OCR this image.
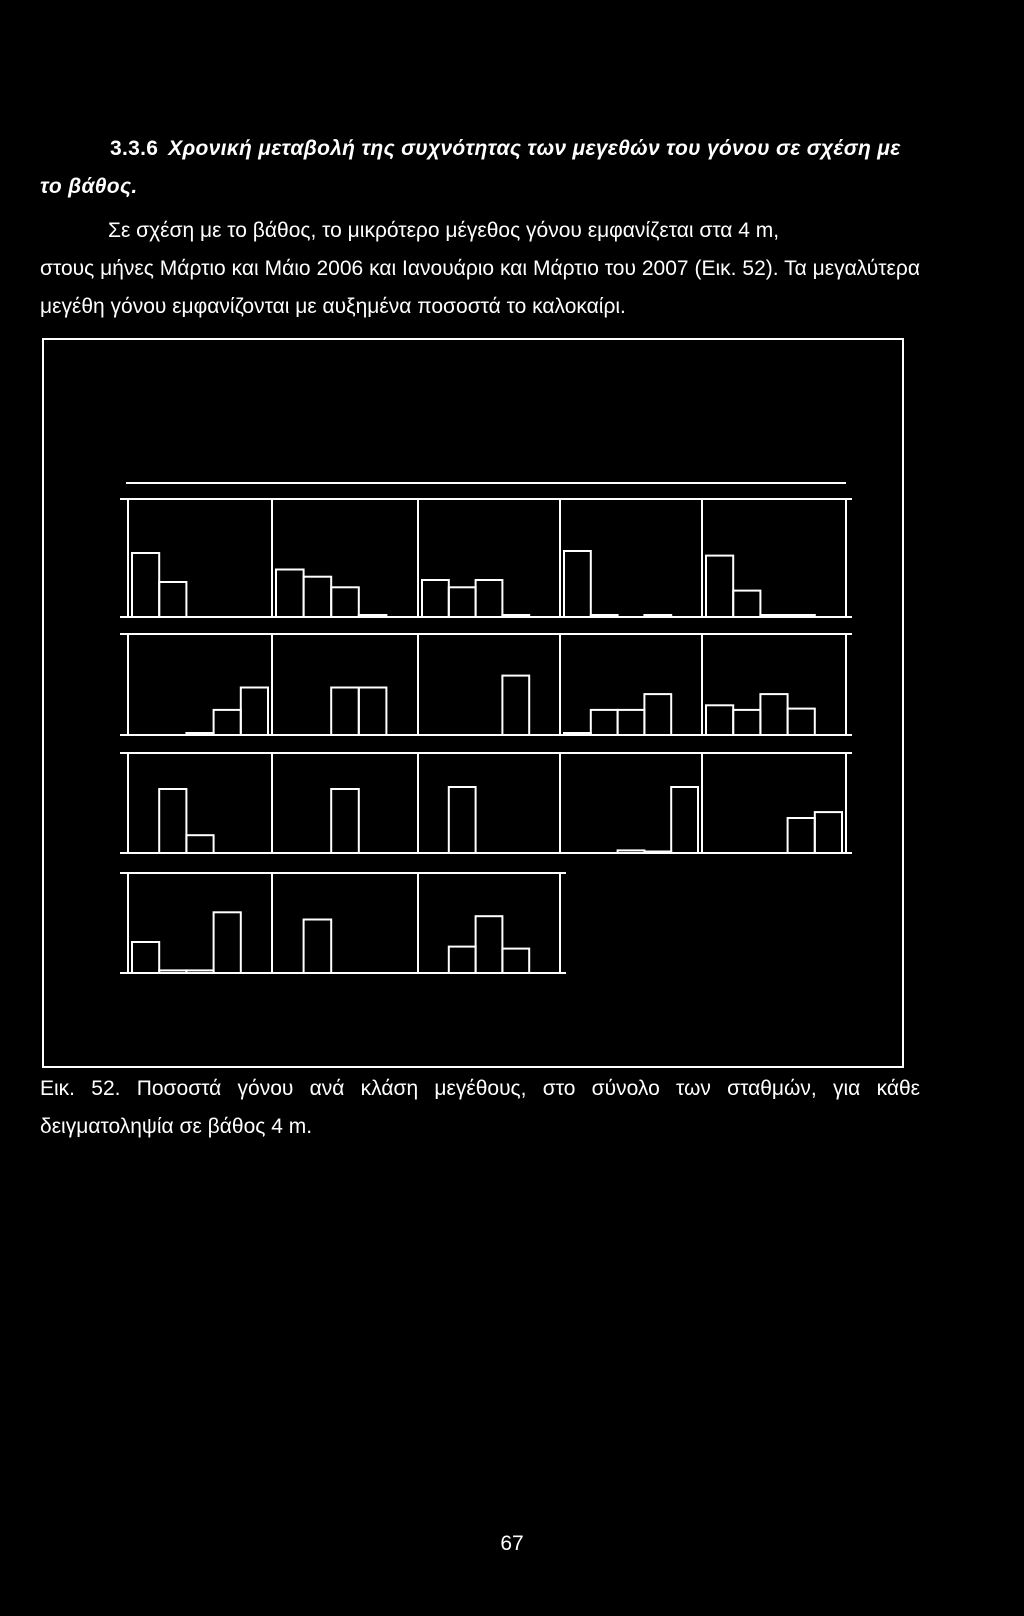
3.3.6 Χρονική μεταβολή της συχνότητας των μεγεθών του γόνου σε σχέση με το βάθος.
Σε σχέση με το βάθος, το μικρότερο μέγεθος γόνου εμφανίζεται στα 4 m,
στους μήνες Μάρτιο και Μάιο 2006 και Ιανουάριο και Μάρτιο του 2007 (Εικ. 52). Τα μεγαλύτερα μεγέθη γόνου εμφανίζονται με αυξημένα ποσοστά το καλοκαίρι.
Εικ. 52. Ποσοστά γόνου ανά κλάση μεγέθους, στο σύνολο των σταθμών, για κάθε δειγματοληψία σε βάθος 4 m.
67
